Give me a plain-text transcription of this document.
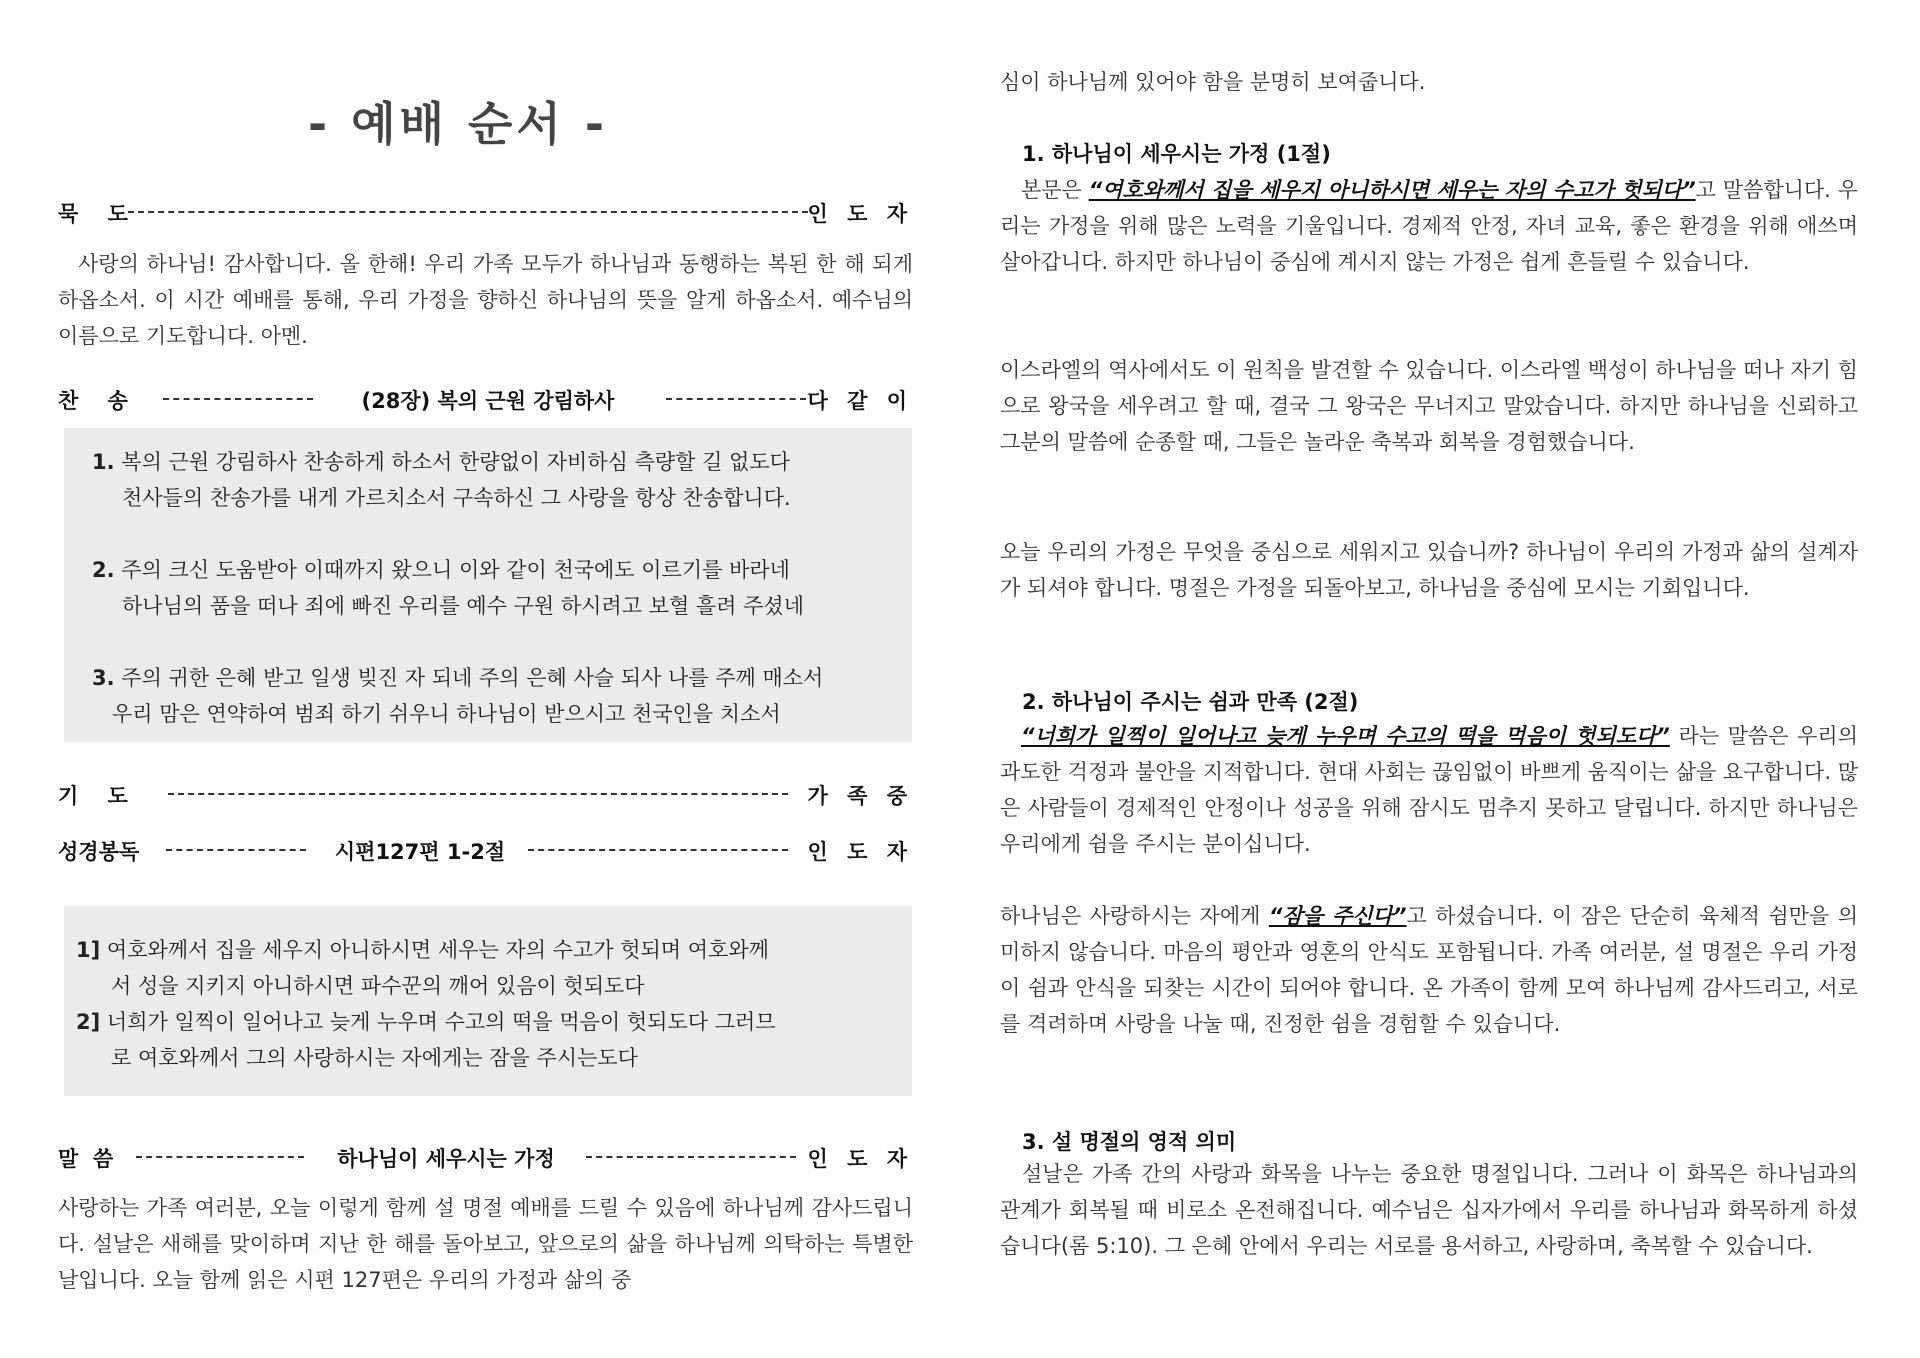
- 예배 순서 -
묵    도	인 도 자
사랑의 하나님! 감사합니다. 올 한해! 우리 가족 모두가 하나님과 동행하는 복된 한 해 되게 하옵소서. 이 시간 예배를 통해, 우리 가정을 향하신 하나님의 뜻을 알게 하옵소서. 예수님의 이름으로 기도합니다. 아멘.
찬    송	(28장) 복의 근원 강림하사	다 같 이
1. 복의 근원 강림하사 찬송하게 하소서 한량없이 자비하심 측량할 길 없도다
천사들의 찬송가를 내게 가르치소서 구속하신 그 사랑을 항상 찬송합니다.
2. 주의 크신 도움받아 이때까지 왔으니 이와 같이 천국에도 이르기를 바라네
하나님의 품을 떠나 죄에 빠진 우리를 예수 구원 하시려고 보혈 흘려 주셨네
3. 주의 귀한 은혜 받고 일생 빚진 자 되네 주의 은혜 사슬 되사 나를 주께 매소서
우리 맘은 연약하여 범죄 하기 쉬우니 하나님이 받으시고 천국인을 치소서
기    도	가 족 중
성경봉독	시편127편 1-2절	인 도 자
1] 여호와께서 집을 세우지 아니하시면 세우는 자의 수고가 헛되며 여호와께
서 성을 지키지 아니하시면 파수꾼의 깨어 있음이 헛되도다
2] 너희가 일찍이 일어나고 늦게 누우며 수고의 떡을 먹음이 헛되도다 그러므
로 여호와께서 그의 사랑하시는 자에게는 잠을 주시는도다
말  씀	하나님이 세우시는 가정	인 도 자
사랑하는 가족 여러분, 오늘 이렇게 함께 설 명절 예배를 드릴 수 있음에 하나님께 감사드립니다. 설날은 새해를 맞이하며 지난 한 해를 돌아보고, 앞으로의 삶을 하나님께 의탁하는 특별한 날입니다. 오늘 함께 읽은 시편 127편은 우리의 가정과 삶의 중
심이 하나님께 있어야 함을 분명히 보여줍니다.
1. 하나님이 세우시는 가정 (1절)
 본문은 “여호와께서 집을 세우지 아니하시면 세우는 자의 수고가 헛되다”고 말씀합니다. 우리는 가정을 위해 많은 노력을 기울입니다. 경제적 안정, 자녀 교육, 좋은 환경을 위해 애쓰며 살아갑니다. 하지만 하나님이 중심에 계시지 않는 가정은 쉽게 흔들릴 수 있습니다.
이스라엘의 역사에서도 이 원칙을 발견할 수 있습니다. 이스라엘 백성이 하나님을 떠나 자기 힘으로 왕국을 세우려고 할 때, 결국 그 왕국은 무너지고 말았습니다. 하지만 하나님을 신뢰하고 그분의 말씀에 순종할 때, 그들은 놀라운 축복과 회복을 경험했습니다.
오늘 우리의 가정은 무엇을 중심으로 세워지고 있습니까? 하나님이 우리의 가정과 삶의 설계자가 되셔야 합니다. 명절은 가정을 되돌아보고, 하나님을 중심에 모시는 기회입니다.
2. 하나님이 주시는 쉼과 만족 (2절)
 “너희가 일찍이 일어나고 늦게 누우며 수고의 떡을 먹음이 헛되도다” 라는 말씀은 우리의 과도한 걱정과 불안을 지적합니다. 현대 사회는 끊임없이 바쁘게 움직이는 삶을 요구합니다. 많은 사람들이 경제적인 안정이나 성공을 위해 잠시도 멈추지 못하고 달립니다. 하지만 하나님은 우리에게 쉼을 주시는 분이십니다.
하나님은 사랑하시는 자에게 “잠을 주신다”고 하셨습니다. 이 잠은 단순히 육체적 쉼만을 의미하지 않습니다. 마음의 평안과 영혼의 안식도 포함됩니다. 가족 여러분, 설 명절은 우리 가정이 쉼과 안식을 되찾는 시간이 되어야 합니다. 온 가족이 함께 모여 하나님께 감사드리고, 서로를 격려하며 사랑을 나눌 때, 진정한 쉼을 경험할 수 있습니다.
3. 설 명절의 영적 의미
설날은 가족 간의 사랑과 화목을 나누는 중요한 명절입니다. 그러나 이 화목은 하나님과의 관계가 회복될 때 비로소 온전해집니다. 예수님은 십자가에서 우리를 하나님과 화목하게 하셨습니다(롬 5:10). 그 은혜 안에서 우리는 서로를 용서하고, 사랑하며, 축복할 수 있습니다.
